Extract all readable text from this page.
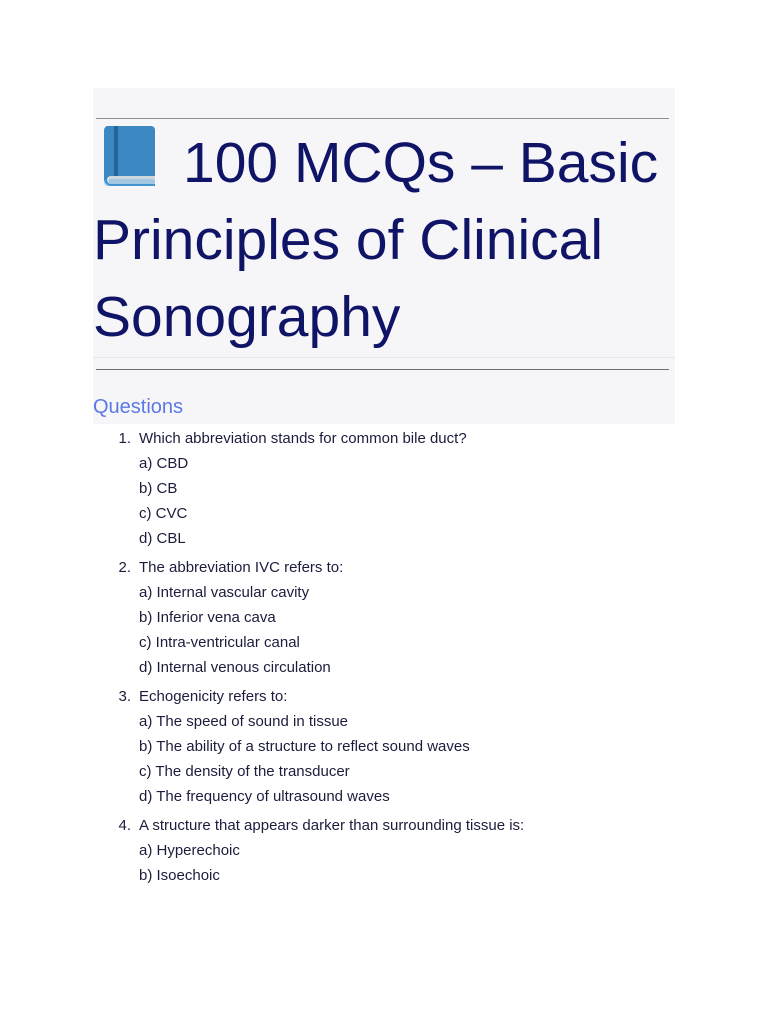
100 MCQs – Basic Principles of Clinical Sonography
Questions
1. Which abbreviation stands for common bile duct?
a) CBD
b) CB
c) CVC
d) CBL
2. The abbreviation IVC refers to:
a) Internal vascular cavity
b) Inferior vena cava
c) Intra-ventricular canal
d) Internal venous circulation
3. Echogenicity refers to:
a) The speed of sound in tissue
b) The ability of a structure to reflect sound waves
c) The density of the transducer
d) The frequency of ultrasound waves
4. A structure that appears darker than surrounding tissue is:
a) Hyperechoic
b) Isoechoic
